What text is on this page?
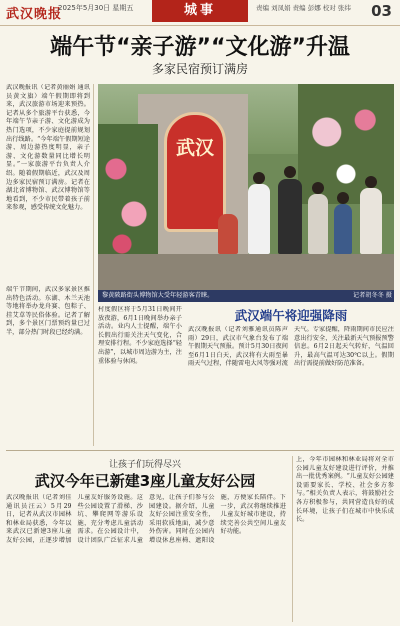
武汉晚报
2025年5月30日 星期五	城事	责编 刘凤娟 责编 彭娜 校对 张纬 03
端午节“亲子游”“文化游”升温
多家民宿预订满房
武汉晚报讯（记者黄丽娟 通讯员黄文旗）端午假期即将到来，武汉旅游市场迎来预热。记者从多个旅游平台获悉，今年端午节亲子游、文化游成为热门选项，不少家庭提前规划出行线路。“今年端午假期短途游、周边游热度明显，亲子游、文化游数量同比增长明显。”一家旅游平台负责人介绍。随着假期临近，武汉及周边多家民宿预订满房。记者在湖北省博物馆、武汉博物馆等地看到，不少市民带着孩子前来参观，感受传统文化魅力。
武汉
黎黄陂路街头博物馆大受年轻游客青睐。	记者胡冬冬 摄
端午节期间，武汉多家景区推出特色活动。东湖、木兰天池等地将举办龙舟赛、包粽子、挂艾草等民俗体验。记者了解到，多个景区门票预约量已过半，部分热门时段已经约满。
村度假区将于5月31日晚间开放夜游，6月1日晚间举办亲子活动。业内人士提醒，端午小长假出行需关注天气变化，合理安排行程。不少家庭选择“轻出游”，以城市周边游为主，注重体验与休闲。
武汉端午将迎强降雨
武汉晚报讯（记者刘雅通讯员陈声雨）29日，武汉市气象台发布了端午假期天气预报。预计5月30日夜间至6月1日白天，武汉将有大雨至暴雨天气过程，伴随雷电大风等强对流天气。专家提醒，降雨期间市民应注意出行安全，关注最新天气预报预警信息。6月2日起天气转好，气温回升，最高气温可达30℃以上。假期出行需提前做好防范准备。
让孩子们玩得尽兴
武汉今年已新建3座儿童友好公园
武汉晚报讯（记者刘佳 通讯员汪云）5月29日，记者从武汉市园林和林业局获悉，今年以来武汉已新建3座儿童友好公园，正逐步增加儿童友好服务设施。这些公园设置了滑梯、沙坑、攀爬网等游乐设施，充分考虑儿童活动需求。在公园设计中，设计团队广泛征求儿童意见，让孩子们参与公园建设。据介绍，儿童友好公园注重安全性，采用软质地面，减少意外伤害。同时在公园内增设休息座椅、遮阳设施，方便家长陪伴。下一步，武汉将继续推进儿童友好城市建设，持续完善公共空间儿童友好功能。
上，今年市园林和林业局将对全市公园儿童友好建设进行评价，并推出一批优秀案例。“儿童友好公园建设需要家长、学校、社会多方参与。”相关负责人表示，将鼓励社会各方积极参与，共同营造良好的成长环境，让孩子们在城市中快乐成长。
